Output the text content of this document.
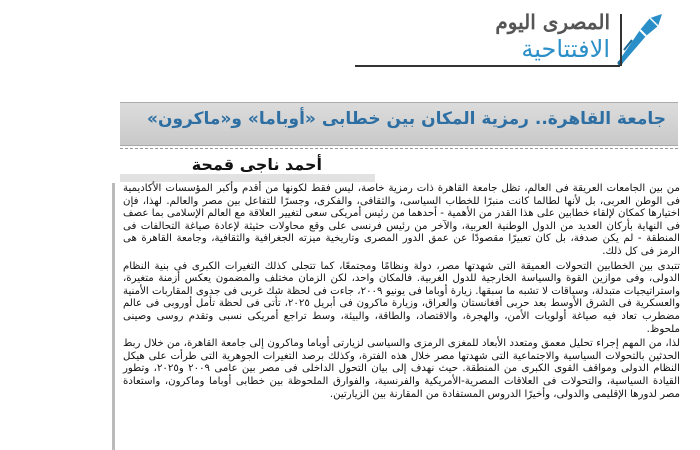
المصرى اليوم
الافتتاحية
جامعة القاهرة.. رمزية المكان بين خطابى «أوباما» و«ماكرون»
أحمد ناجى قمحة

من بين الجامعات العريقة فى العالم، تظل جامعة القاهرة ذات رمزية خاصة، ليس فقط لكونها من أقدم وأكبر المؤسسات الأكاديمية فى الوطن العربى، بل لأنها لطالما كانت منبرًا للخطاب السياسى، والثقافى، والفكرى، وجسرًا للتفاعل بين مصر والعالم. لهذا، فإن اختيارها كمكان لإلقاء خطابين على هذا القدر من الأهمية - أحدهما من رئيس أمريكى سعى لتغيير العلاقة مع العالم الإسلامى بما عصف فى النهاية بأركان العديد من الدول الوطنية العربية، والآخر من رئيس فرنسى على وقع محاولات حثيثة لإعادة صياغة التحالفات فى المنطقة - لم يكن صدفة، بل كان تعبيرًا مقصودًا عن عمق الدور المصرى وتاريخية ميزته الجغرافية والثقافية، وجامعة القاهرة هى الرمز فى كل ذلك.

تتبدى بين الخطابين التحولات العميقة التى شهدتها مصر، دولة ونظامًا ومجتمعًا، كما تتجلى كذلك التغيرات الكبرى فى بنية النظام الدولى، وفى موازين القوة والسياسة الخارجية للدول الغربية. فالمكان واحد، لكن الزمان مختلف والمضمون يعكس أزمنة متغيرة، واستراتيجيات متبدلة، وسياقات لا تشبه ما سبقها. زيارة أوباما فى يونيو ٢٠٠٩، جاءت فى لحظة شك غربى فى جدوى المقاربات الأمنية والعسكرية فى الشرق الأوسط بعد حربى أفغانستان والعراق، وزيارة ماكرون فى أبريل ٢٠٢٥، تأتى فى لحظة تأمل أوروبى فى عالم مضطرب تعاد فيه صياغة أولويات الأمن، والهجرة، والاقتصاد، والطاقة، والبيئة، وسط تراجع أمريكى نسبى وتقدم روسى وصينى ملحوظ.

لذا، من المهم إجراء تحليل معمق ومتعدد الأبعاد للمغزى الرمزى والسياسى لزيارتى أوباما وماكرون إلى جامعة القاهرة، من خلال ربط الحدثين بالتحولات السياسية والاجتماعية التى شهدتها مصر خلال هذه الفترة، وكذلك برصد التغيرات الجوهرية التى طرأت على هيكل النظام الدولى ومواقف القوى الكبرى من المنطقة. حيث نهدف إلى بيان التحول الداخلى فى مصر بين عامى ٢٠٠٩ و٢٠٢٥، وتطور القيادة السياسية، والتحولات فى العلاقات المصرية-الأمريكية والفرنسية، والفوارق الملحوظة بين خطابى أوباما وماكرون، واستعادة مصر لدورها الإقليمى والدولى، وأخيرًا الدروس المستفادة من المقارنة بين الزيارتين.
